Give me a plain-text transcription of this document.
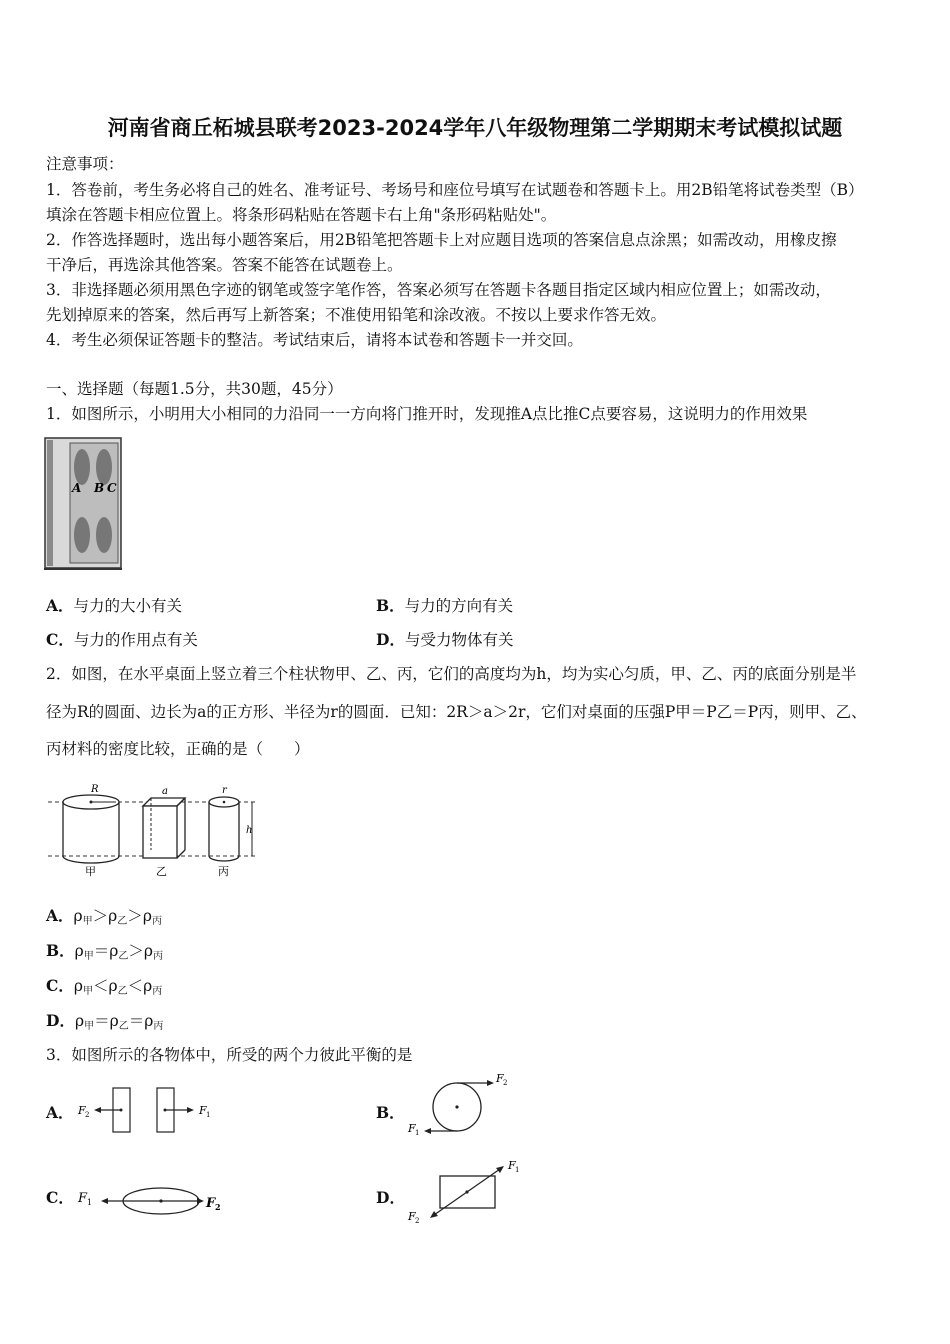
河南省商丘柘城县联考2023-2024学年八年级物理第二学期期末考试模拟试题
注意事项：
1．答卷前，考生务必将自己的姓名、准考证号、考场号和座位号填写在试题卷和答题卡上。用2B铅笔将试卷类型（B）
填涂在答题卡相应位置上。将条形码粘贴在答题卡右上角"条形码粘贴处"。
2．作答选择题时，选出每小题答案后，用2B铅笔把答题卡上对应题目选项的答案信息点涂黑；如需改动，用橡皮擦
干净后，再选涂其他答案。答案不能答在试题卷上。
3．非选择题必须用黑色字迹的钢笔或签字笔作答，答案必须写在答题卡各题目指定区域内相应位置上；如需改动，
先划掉原来的答案，然后再写上新答案；不准使用铅笔和涂改液。不按以上要求作答无效。
4．考生必须保证答题卡的整洁。考试结束后，请将本试卷和答题卡一并交回。
一、选择题（每题1.5分，共30题，45分）
1．如图所示，小明用大小相同的力沿同一一方向将门推开时，发现推A点比推C点要容易，这说明力的作用效果
A B C
A．与力的大小有关	B．与力的方向有关
C．与力的作用点有关	D．与受力物体有关
2．如图，在水平桌面上竖立着三个柱状物甲、乙、丙，它们的高度均为h，均为实心匀质，甲、乙、丙的底面分别是半
径为R的圆面、边长为a的正方形、半径为r的圆面．已知：2R＞a＞2r，它们对桌面的压强P甲＝P乙＝P丙，则甲、乙、
丙材料的密度比较，正确的是（　　）
R
甲
a
乙
r
丙
h
A．$\rho_甲>\rho_乙>\rho_丙$
B．$\rho_甲=\rho_乙>\rho_丙$
C．$\rho_甲<\rho_乙<\rho_丙$
D．$\rho_甲=\rho_乙=\rho_丙$
3．如图所示的各物体中，所受的两个力彼此平衡的是
A． F 2	F 1	B．
F 2
F 1
C． F 1	F 2	D．
F 1
F 2
